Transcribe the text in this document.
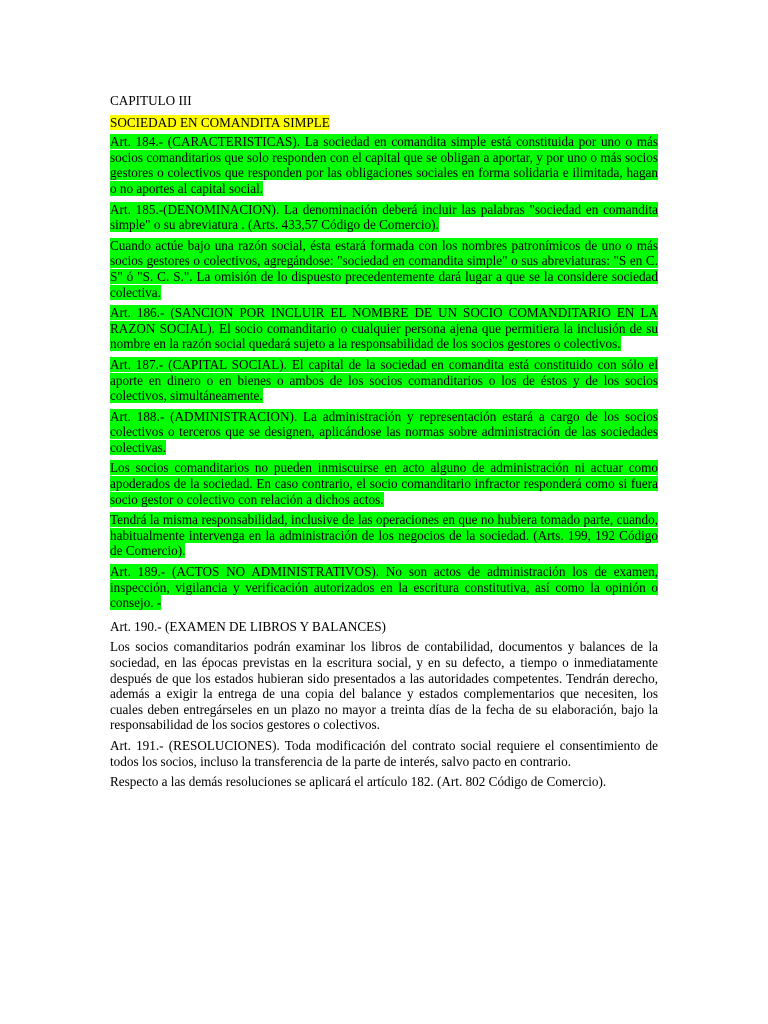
CAPITULO III

SOCIEDAD EN COMANDITA SIMPLE

Art. 184.- (CARACTERISTICAS). La sociedad en comandita simple está constituida por uno o más socios comanditarios que solo responden con el capital que se obligan a aportar, y por uno o más socios gestores o colectivos que responden por las obligaciones sociales en forma solidaria e ilimitada, hagan o no aportes al capital social.

Art. 185.-(DENOMINACION). La denominación deberá incluir las palabras "sociedad en comandita simple" o su abreviatura . (Arts. 433,57 Código de Comercio).

Cuando actúe bajo una razón social, ésta estará formada con los nombres patronímicos de uno o más socios gestores o colectivos, agregándose: "sociedad en comandita simple" o sus abreviaturas: "S en C. S" ó "S. C. S.". La omisión de lo dispuesto precedentemente dará lugar a que se la considere sociedad colectiva.

Art. 186.- (SANCION POR INCLUIR EL NOMBRE DE UN SOCIO COMANDITARIO EN LA RAZON SOCIAL). El socio comanditario o cualquier persona ajena que permitiera la inclusión de su nombre en la razón social quedará sujeto a la responsabilidad de los socios gestores o colectivos.

Art. 187.- (CAPITAL SOCIAL). El capital de la sociedad en comandita está constituido con sólo el aporte en dinero o en bienes o ambos de los socios comanditarios o los de éstos y de los socios colectivos, simultáneamente.

Art. 188.- (ADMINISTRACION). La administración y representación estará a cargo de los socios colectivos o terceros que se designen, aplicándose las normas sobre administración de las sociedades colectivas.

Los socios comanditarios no pueden inmiscuirse en acto alguno de administración ni actuar como apoderados de la sociedad. En caso contrario, el socio comanditario infractor responderá como si fuera socio gestor o colectivo con relación a dichos actos.

Tendrá la misma responsabilidad, inclusive de las operaciones en que no hubiera tomado parte, cuando, habitualmente intervenga en la administración de los negocios de la sociedad. (Arts. 199, 192 Código de Comercio).

Art. 189.- (ACTOS NO ADMINISTRATIVOS). No son actos de administración los de examen, inspección, vigilancia y verificación autorizados en la escritura constitutiva, así como la opinión o consejo. -

Art. 190.- (EXAMEN DE LIBROS Y BALANCES)

Los socios comanditarios podrán examinar los libros de contabilidad, documentos y balances de la sociedad, en las épocas previstas en la escritura social, y en su defecto, a tiempo o inmediatamente después de que los estados hubieran sido presentados a las autoridades competentes. Tendrán derecho, además a exigir la entrega de una copia del balance y estados complementarios que necesiten, los cuales deben entregárseles en un plazo no mayor a treinta días de la fecha de su elaboración, bajo la responsabilidad de los socios gestores o colectivos.

Art. 191.- (RESOLUCIONES). Toda modificación del contrato social requiere el consentimiento de todos los socios, incluso la transferencia de la parte de interés, salvo pacto en contrario.

Respecto a las demás resoluciones se aplicará el artículo 182. (Art. 802 Código de Comercio).
